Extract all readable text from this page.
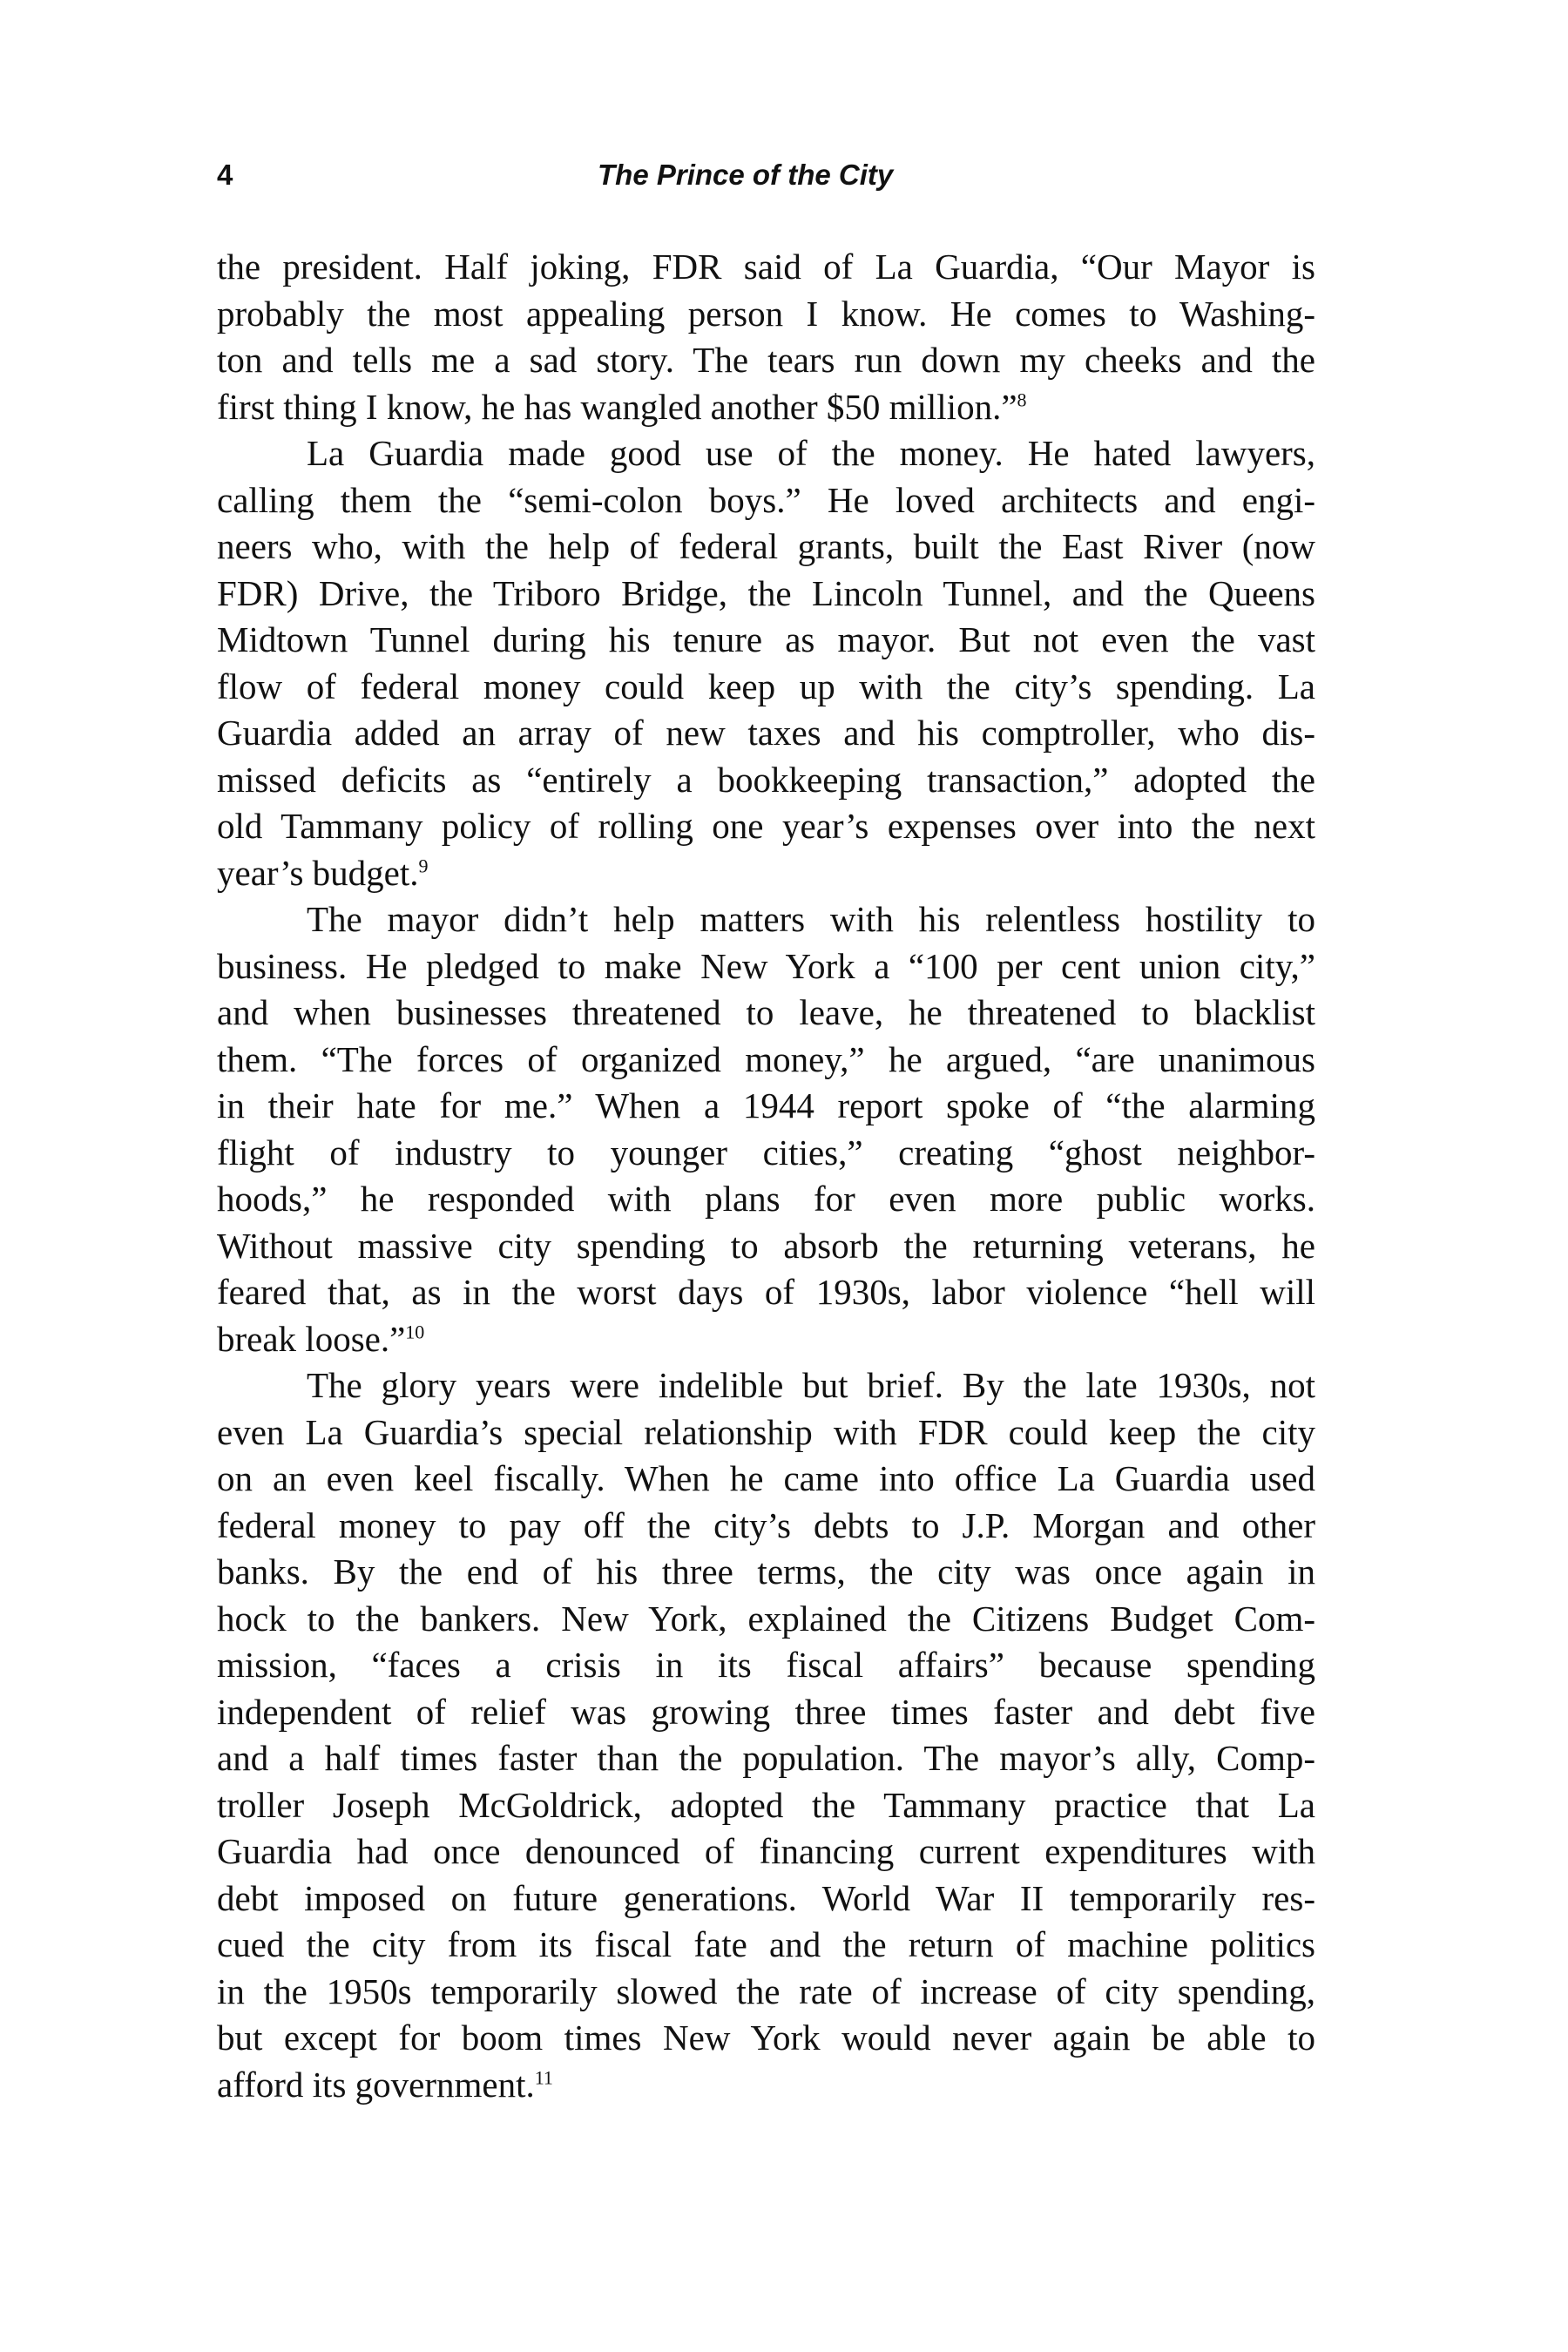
4	The Prince of the City
the president. Half joking, FDR said of La Guardia, “Our Mayor is
probably the most appealing person I know. He comes to Washing-
ton and tells me a sad story. The tears run down my cheeks and the
first thing I know, he has wangled another $50 million.”$^8$
La Guardia made good use of the money. He hated lawyers,
calling them the “semi-colon boys.” He loved architects and engi-
neers who, with the help of federal grants, built the East River (now
FDR) Drive, the Triboro Bridge, the Lincoln Tunnel, and the Queens
Midtown Tunnel during his tenure as mayor. But not even the vast
flow of federal money could keep up with the city’s spending. La
Guardia added an array of new taxes and his comptroller, who dis-
missed deficits as “entirely a bookkeeping transaction,” adopted the
old Tammany policy of rolling one year’s expenses over into the next
year’s budget.$^9$
The mayor didn’t help matters with his relentless hostility to
business. He pledged to make New York a “100 per cent union city,”
and when businesses threatened to leave, he threatened to blacklist
them. “The forces of organized money,” he argued, “are unanimous
in their hate for me.” When a 1944 report spoke of “the alarming
flight of industry to younger cities,” creating “ghost neighbor-
hoods,” he responded with plans for even more public works.
Without massive city spending to absorb the returning veterans, he
feared that, as in the worst days of 1930s, labor violence “hell will
break loose.”$^{10}$
The glory years were indelible but brief. By the late 1930s, not
even La Guardia’s special relationship with FDR could keep the city
on an even keel fiscally. When he came into office La Guardia used
federal money to pay off the city’s debts to J.P. Morgan and other
banks. By the end of his three terms, the city was once again in
hock to the bankers. New York, explained the Citizens Budget Com-
mission, “faces a crisis in its fiscal affairs” because spending
independent of relief was growing three times faster and debt five
and a half times faster than the population. The mayor’s ally, Comp-
troller Joseph McGoldrick, adopted the Tammany practice that La
Guardia had once denounced of financing current expenditures with
debt imposed on future generations. World War II temporarily res-
cued the city from its fiscal fate and the return of machine politics
in the 1950s temporarily slowed the rate of increase of city spending,
but except for boom times New York would never again be able to
afford its government.$^{11}$
